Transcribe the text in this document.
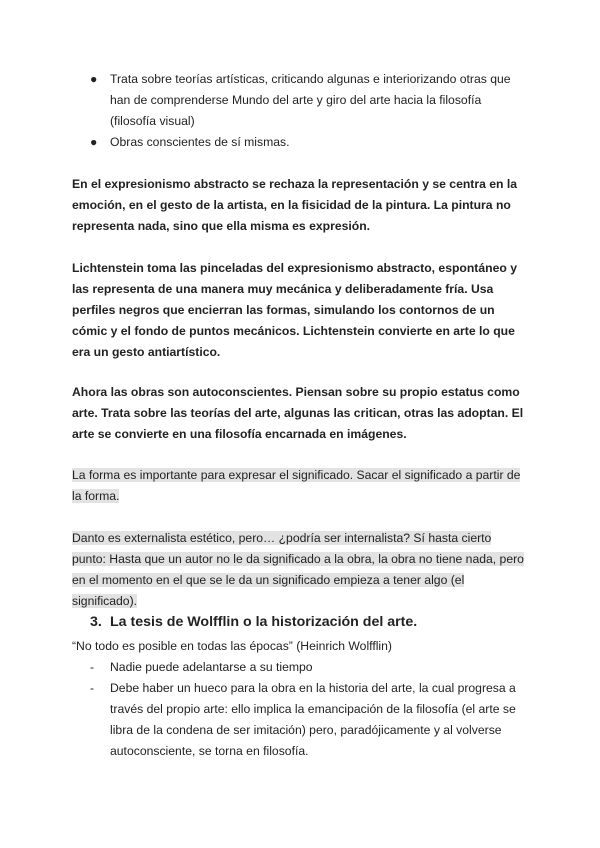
● Trata sobre teorías artísticas, criticando algunas e interiorizando otras que han de comprenderse Mundo del arte y giro del arte hacia la filosofía (filosofía visual)
● Obras conscientes de sí mismas.
En el expresionismo abstracto se rechaza la representación y se centra en la emoción, en el gesto de la artista, en la fisicidad de la pintura. La pintura no representa nada, sino que ella misma es expresión.
Lichtenstein toma las pinceladas del expresionismo abstracto, espontáneo y las representa de una manera muy mecánica y deliberadamente fría. Usa perfiles negros que encierran las formas, simulando los contornos de un cómic y el fondo de puntos mecánicos. Lichtenstein convierte en arte lo que era un gesto antiartístico.
Ahora las obras son autoconscientes. Piensan sobre su propio estatus como arte. Trata sobre las teorías del arte, algunas las critican, otras las adoptan. El arte se convierte en una filosofía encarnada en imágenes.
La forma es importante para expresar el significado. Sacar el significado a partir de la forma.
Danto es externalista estético, pero… ¿podría ser internalista? Sí hasta cierto punto: Hasta que un autor no le da significado a la obra, la obra no tiene nada, pero en el momento en el que se le da un significado empieza a tener algo (el significado).
3. La tesis de Wolfflin o la historización del arte.
“No todo es posible en todas las épocas” (Heinrich Wolfflin)
- Nadie puede adelantarse a su tiempo
- Debe haber un hueco para la obra en la historia del arte, la cual progresa a través del propio arte: ello implica la emancipación de la filosofía (el arte se libra de la condena de ser imitación) pero, paradójicamente y al volverse autoconsciente, se torna en filosofía.
